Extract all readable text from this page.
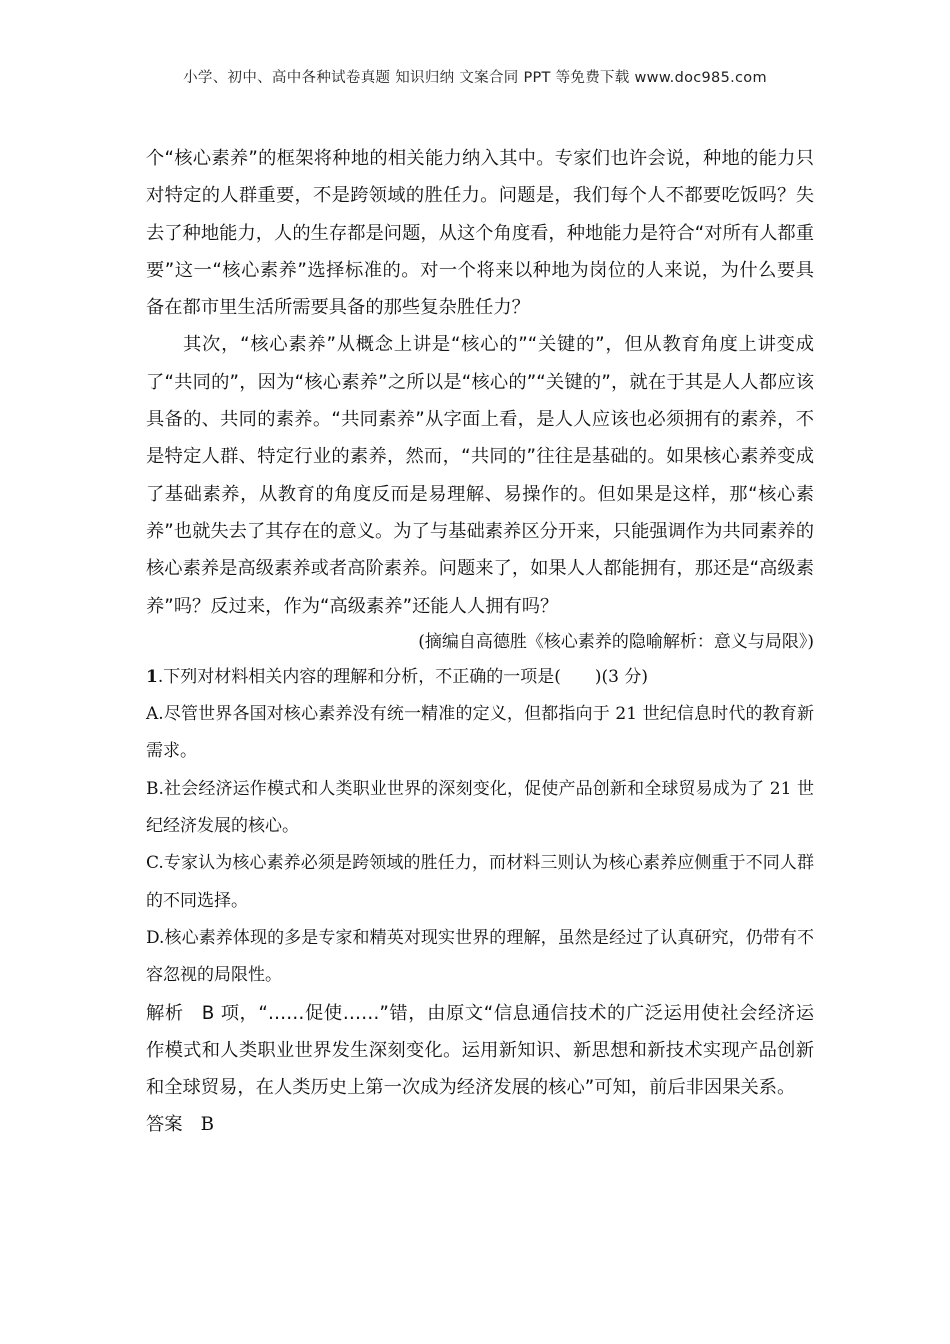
小学、初中、高中各种试卷真题 知识归纳 文案合同 PPT 等免费下载 www.doc985.com

个“核心素养”的框架将种地的相关能力纳入其中。专家们也许会说，种地的能力只对特定的人群重要，不是跨领域的胜任力。问题是，我们每个人不都要吃饭吗？失去了种地能力，人的生存都是问题，从这个角度看，种地能力是符合“对所有人都重要”这一“核心素养”选择标准的。对一个将来以种地为岗位的人来说，为什么要具备在都市里生活所需要具备的那些复杂胜任力？

其次，“核心素养”从概念上讲是“核心的”“关键的”，但从教育角度上讲变成了“共同的”，因为“核心素养”之所以是“核心的”“关键的”，就在于其是人人都应该具备的、共同的素养。“共同素养”从字面上看，是人人应该也必须拥有的素养，不是特定人群、特定行业的素养，然而，“共同的”往往是基础的。如果核心素养变成了基础素养，从教育的角度反而是易理解、易操作的。但如果是这样，那“核心素养”也就失去了其存在的意义。为了与基础素养区分开来，只能强调作为共同素养的核心素养是高级素养或者高阶素养。问题来了，如果人人都能拥有，那还是“高级素养”吗？反过来，作为“高级素养”还能人人拥有吗？

(摘编自高德胜《核心素养的隐喻解析：意义与局限》)

1.下列对材料相关内容的理解和分析，不正确的一项是(　　)(3 分)

A.尽管世界各国对核心素养没有统一精准的定义，但都指向于 21 世纪信息时代的教育新需求。

B.社会经济运作模式和人类职业世界的深刻变化，促使产品创新和全球贸易成为了 21 世纪经济发展的核心。

C.专家认为核心素养必须是跨领域的胜任力，而材料三则认为核心素养应侧重于不同人群的不同选择。

D.核心素养体现的多是专家和精英对现实世界的理解，虽然是经过了认真研究，仍带有不容忽视的局限性。

解析 B 项，“……促使……”错，由原文“信息通信技术的广泛运用使社会经济运作模式和人类职业世界发生深刻变化。运用新知识、新思想和新技术实现产品创新和全球贸易，在人类历史上第一次成为经济发展的核心”可知，前后非因果关系。

答案 B
